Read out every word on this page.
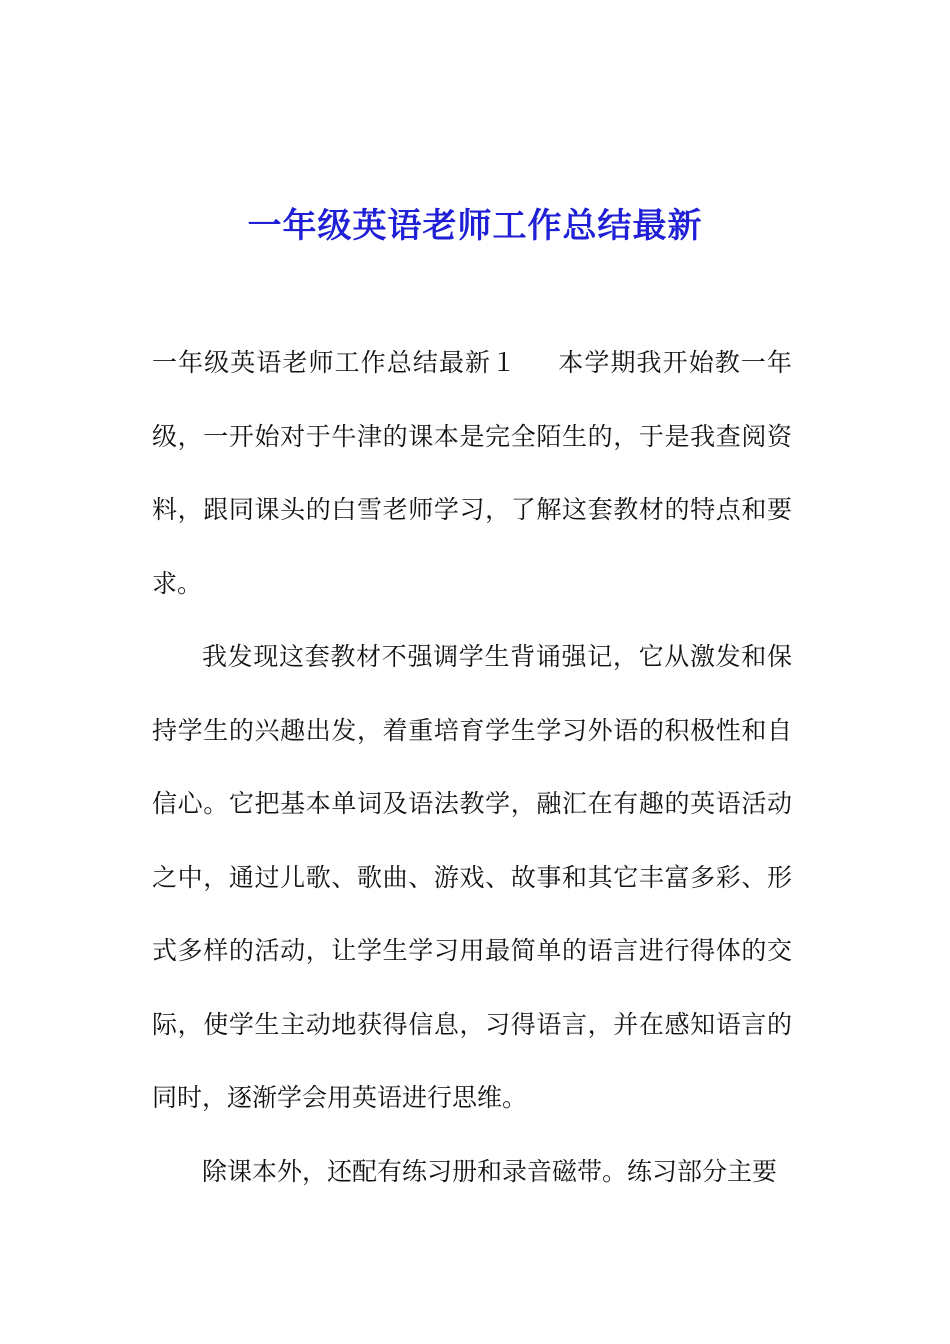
一年级英语老师工作总结最新

一年级英语老师工作总结最新１ 本学期我开始教一年级，一开始对于牛津的课本是完全陌生的，于是我查阅资料，跟同课头的白雪老师学习，了解这套教材的特点和要求。

我发现这套教材不强调学生背诵强记，它从激发和保持学生的兴趣出发，着重培育学生学习外语的积极性和自信心。它把基本单词及语法教学，融汇在有趣的英语活动之中，通过儿歌、歌曲、游戏、故事和其它丰富多彩、形式多样的活动，让学生学习用最简单的语言进行得体的交际，使学生主动地获得信息，习得语言，并在感知语言的同时，逐渐学会用英语进行思维。

除课本外，还配有练习册和录音磁带。练习部分主要
